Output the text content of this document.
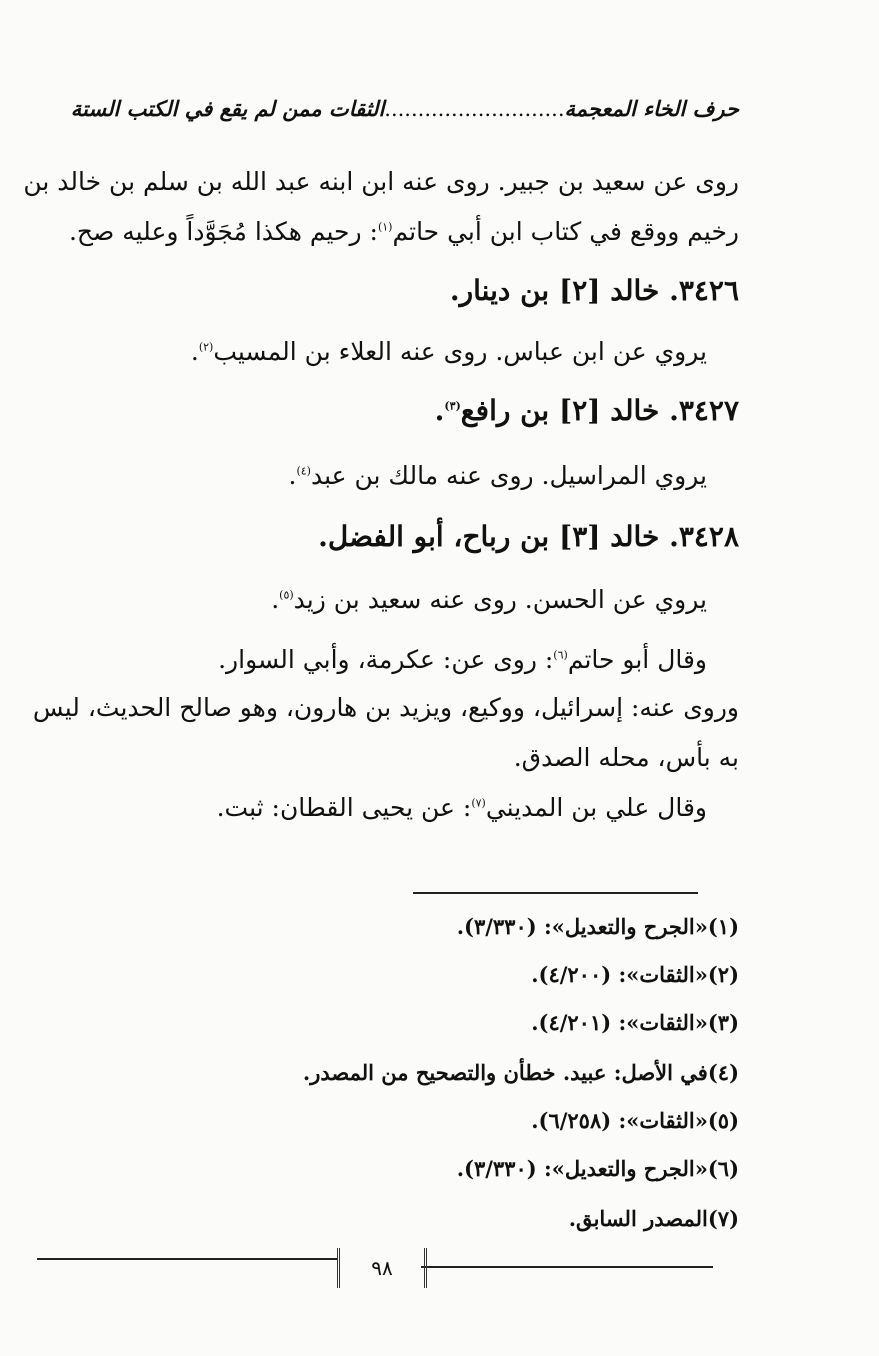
حرف الخاء المعجمة...........................الثقات ممن لم يقع في الكتب الستة
روى عن سعيد بن جبير. روى عنه ابن ابنه عبد الله بن سلم بن خالد بن
رخيم ووقع في كتاب ابن أبي حاتم$^{(١)}$: رحيم هكذا مُجَوَّداً وعليه صح.
٣٤٢٦. خالد [٢] بن دينار.
يروي عن ابن عباس. روى عنه العلاء بن المسيب$^{(٢)}$.
٣٤٢٧. خالد [٢] بن رافع$^{(٣)}$.
يروي المراسيل. روى عنه مالك بن عبد$^{(٤)}$.
٣٤٢٨. خالد [٣] بن رباح، أبو الفضل.
يروي عن الحسن. روى عنه سعيد بن زيد$^{(٥)}$.
وقال أبو حاتم$^{(٦)}$: روى عن: عكرمة، وأبي السوار.
وروى عنه: إسرائيل، ووكيع، ويزيد بن هارون، وهو صالح الحديث، ليس
به بأس، محله الصدق.
وقال علي بن المديني$^{(٧)}$: عن يحيى القطان: ثبت.
(١)«الجرح والتعديل»: (٣/٣٣٠).
(٢)«الثقات»: (٤/٢٠٠).
(٣)«الثقات»: (٤/٢٠١).
(٤)في الأصل: عبيد. خطأن والتصحيح من المصدر.
(٥)«الثقات»: (٦/٢٥٨).
(٦)«الجرح والتعديل»: (٣/٣٣٠).
(٧)المصدر السابق.
٩٨
